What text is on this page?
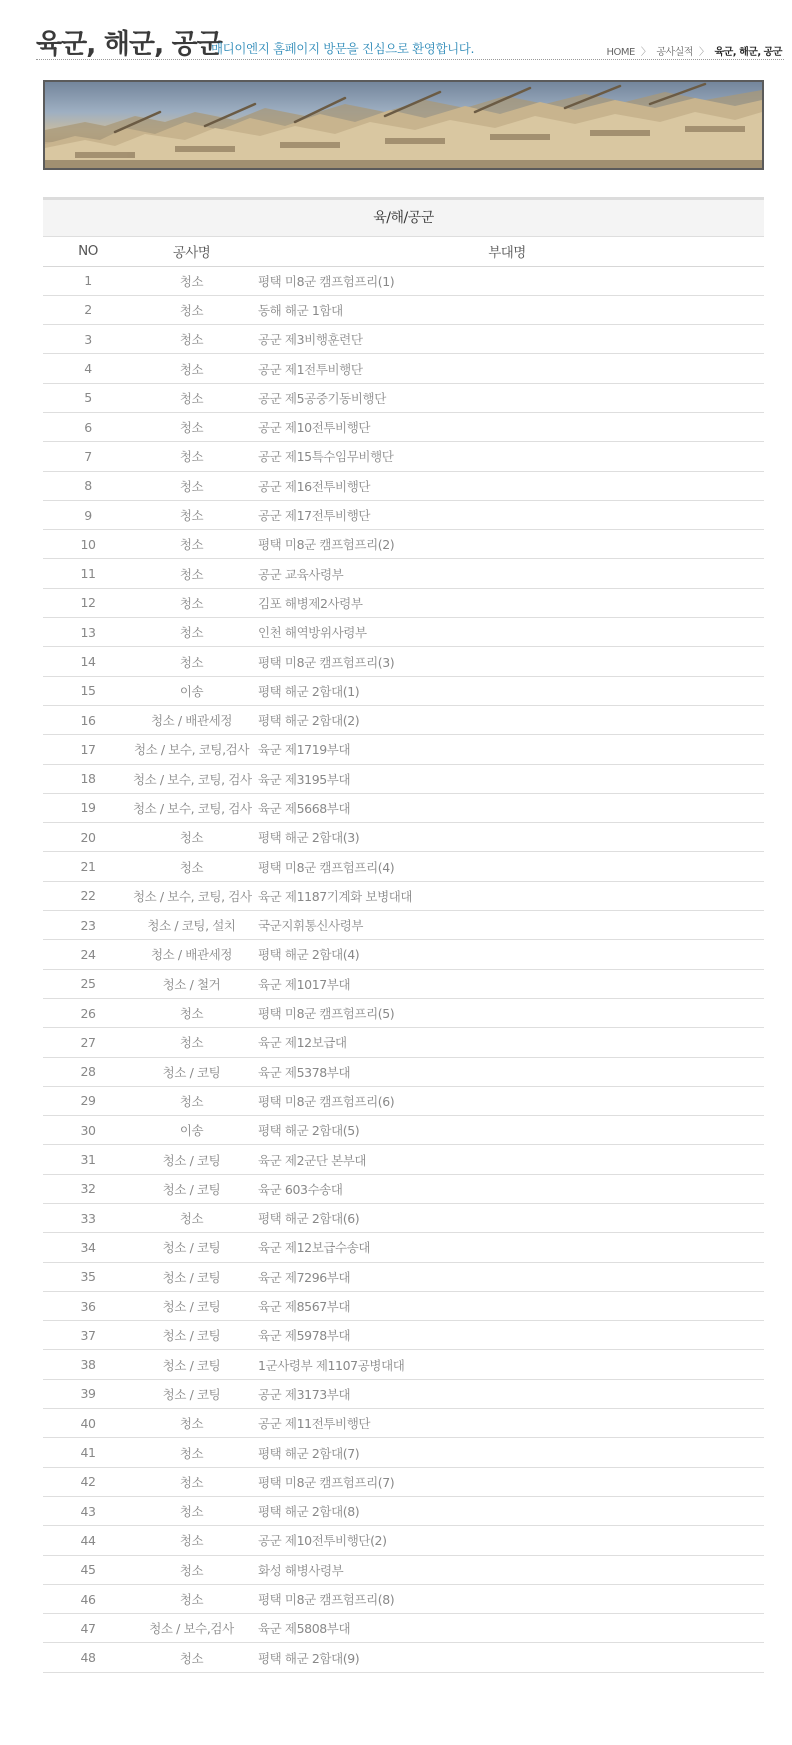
육군, 해군, 공군
매디이엔지 홈페이지 방문을 진심으로 환영합니다.	HOME 〉 공사실적 〉 육군, 해군, 공군
육/해/공군
NO	공사명	부대명
1	청소	평택 미8군 캠프험프리(1)
2	청소	동해 해군 1함대
3	청소	공군 제3비행훈련단
4	청소	공군 제1전투비행단
5	청소	공군 제5공중기동비행단
6	청소	공군 제10전투비행단
7	청소	공군 제15특수임무비행단
8	청소	공군 제16전투비행단
9	청소	공군 제17전투비행단
10	청소	평택 미8군 캠프험프리(2)
11	청소	공군 교육사령부
12	청소	김포 해병제2사령부
13	청소	인천 해역방위사령부
14	청소	평택 미8군 캠프험프리(3)
15	이송	평택 해군 2함대(1)
16	청소 / 배관세정	평택 해군 2함대(2)
17	청소 / 보수, 코팅,검사	육군 제1719부대
18	청소 / 보수, 코팅, 검사	육군 제3195부대
19	청소 / 보수, 코팅, 검사	육군 제5668부대
20	청소	평택 해군 2함대(3)
21	청소	평택 미8군 캠프험프리(4)
22	청소 / 보수, 코팅, 검사	육군 제1187기계화 보병대대
23	청소 / 코팅, 설치	국군지휘통신사령부
24	청소 / 배관세정	평택 해군 2함대(4)
25	청소 / 철거	육군 제1017부대
26	청소	평택 미8군 캠프험프리(5)
27	청소	육군 제12보급대
28	청소 / 코팅	육군 제5378부대
29	청소	평택 미8군 캠프험프리(6)
30	이송	평택 해군 2함대(5)
31	청소 / 코팅	육군 제2군단 본부대
32	청소 / 코팅	육군 603수송대
33	청소	평택 해군 2함대(6)
34	청소 / 코팅	육군 제12보급수송대
35	청소 / 코팅	육군 제7296부대
36	청소 / 코팅	육군 제8567부대
37	청소 / 코팅	육군 제5978부대
38	청소 / 코팅	1군사령부 제1107공병대대
39	청소 / 코팅	공군 제3173부대
40	청소	공군 제11전투비행단
41	청소	평택 해군 2함대(7)
42	청소	평택 미8군 캠프험프리(7)
43	청소	평택 해군 2함대(8)
44	청소	공군 제10전투비행단(2)
45	청소	화성 해병사령부
46	청소	평택 미8군 캠프험프리(8)
47	청소 / 보수,검사	육군 제5808부대
48	청소	평택 해군 2함대(9)
